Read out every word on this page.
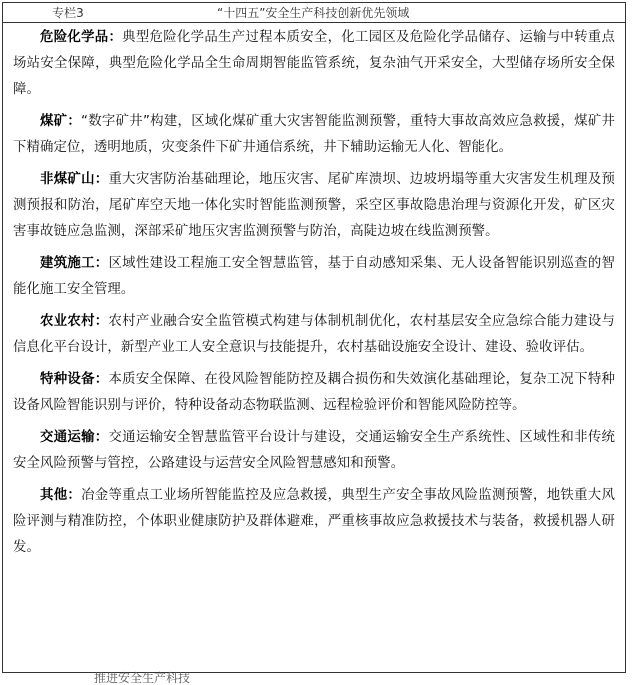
专栏3	“十四五”安全生产科技创新优先领域

危险化学品：典型危险化学品生产过程本质安全，化工园区及危险化学品储存、运输与中转重点场站安全保障，典型危险化学品全生命周期智能监管系统，复杂油气开采安全，大型储存场所安全保障。

煤矿：“数字矿井”构建，区域化煤矿重大灾害智能监测预警，重特大事故高效应急救援，煤矿井下精确定位，透明地质，灾变条件下矿井通信系统，井下辅助运输无人化、智能化。

非煤矿山：重大灾害防治基础理论，地压灾害、尾矿库溃坝、边坡坍塌等重大灾害发生机理及预测预报和防治，尾矿库空天地一体化实时智能监测预警，采空区事故隐患治理与资源化开发，矿区灾害事故链应急监测，深部采矿地压灾害监测预警与防治，高陡边坡在线监测预警。

建筑施工：区域性建设工程施工安全智慧监管，基于自动感知采集、无人设备智能识别巡查的智能化施工安全管理。

农业农村：农村产业融合安全监管模式构建与体制机制优化，农村基层安全应急综合能力建设与信息化平台设计，新型产业工人安全意识与技能提升，农村基础设施安全设计、建设、验收评估。

特种设备：本质安全保障、在役风险智能防控及耦合损伤和失效演化基础理论，复杂工况下特种设备风险智能识别与评价，特种设备动态物联监测、远程检验评价和智能风险防控等。

交通运输：交通运输安全智慧监管平台设计与建设，交通运输安全生产系统性、区域性和非传统安全风险预警与管控，公路建设与运营安全风险智慧感知和预警。

其他：冶金等重点工业场所智能监控及应急救援，典型生产安全事故风险监测预警，地铁重大风险评测与精准防控，个体职业健康防护及群体避难，严重核事故应急救援技术与装备，救援机器人研发。

推进安全生产科技
